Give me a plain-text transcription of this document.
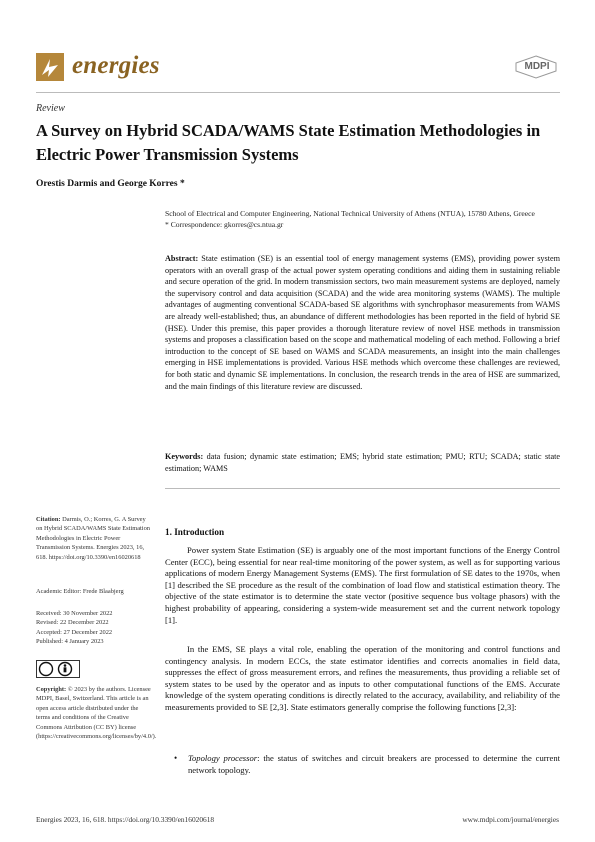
energies	MDPI
Review
A Survey on Hybrid SCADA/WAMS State Estimation Methodologies in Electric Power Transmission Systems
Orestis Darmis and George Korres *
School of Electrical and Computer Engineering, National Technical University of Athens (NTUA), 15780 Athens, Greece
* Correspondence: gkorres@cs.ntua.gr
Abstract: State estimation (SE) is an essential tool of energy management systems (EMS), providing power system operators with an overall grasp of the actual power system operating conditions and aiding them in sustaining reliable and secure operation of the grid. In modern transmission sectors, two main measurement systems are deployed, namely the supervisory control and data acquisition (SCADA) and the wide area monitoring systems (WAMS). The multiple advantages of augmenting conventional SCADA-based SE algorithms with synchrophasor measurements from WAMS are already well-established; thus, an abundance of different methodologies has been reported in the field of hybrid SE (HSE). Under this premise, this paper provides a thorough literature review of novel HSE methods in transmission systems and proposes a classification based on the scope and mathematical modeling of each method. Following a brief introduction to the concept of SE based on WAMS and SCADA measurements, an insight into the main challenges emerging in HSE implementations is provided. Various HSE methods which overcome these challenges are reviewed, for both static and dynamic SE implementations. In conclusion, the research trends in the area of HSE are summarized, and the main findings of this literature review are discussed.
Keywords: data fusion; dynamic state estimation; EMS; hybrid state estimation; PMU; RTU; SCADA; static state estimation; WAMS
Citation: Darmis, O.; Korres, G. A Survey on Hybrid SCADA/WAMS State Estimation Methodologies in Electric Power Transmission Systems. Energies 2023, 16, 618. https://doi.org/10.3390/en16020618
Academic Editor: Frede Blaabjerg
Received: 30 November 2022
Revised: 22 December 2022
Accepted: 27 December 2022
Published: 4 January 2023
Copyright: © 2023 by the authors. Licensee MDPI, Basel, Switzerland. This article is an open access article distributed under the terms and conditions of the Creative Commons Attribution (CC BY) license (https://creativecommons.org/licenses/by/4.0/).
1. Introduction
Power system State Estimation (SE) is arguably one of the most important functions of the Energy Control Center (ECC), being essential for near real-time monitoring of the power system, as well as for supporting various applications of modern Energy Management Systems (EMS). The first formulation of SE dates to the 1970s, when [1] described the SE procedure as the result of the combination of load flow and statistical estimation theory. The objective of the state estimator is to determine the state vector (positive sequence bus voltage phasors) with the highest probability of appearing, considering a system-wide measurement set and the current network topology [1].
In the EMS, SE plays a vital role, enabling the operation of the monitoring and control functions and contingency analysis. In modern ECCs, the state estimator identifies and corrects anomalies in field data, suppresses the effect of gross measurement errors, and refines the measurements, thus providing a reliable set of system states to be used by the operator and as inputs to other computational functions of the EMS. Accurate knowledge of the system operating conditions is directly related to the accuracy, availability, and reliability of the measurements provided to SE [2,3]. State estimators generally comprise the following functions [2,3]:
• Topology processor: the status of switches and circuit breakers are processed to determine the current network topology.
Energies 2023, 16, 618. https://doi.org/10.3390/en16020618	www.mdpi.com/journal/energies
